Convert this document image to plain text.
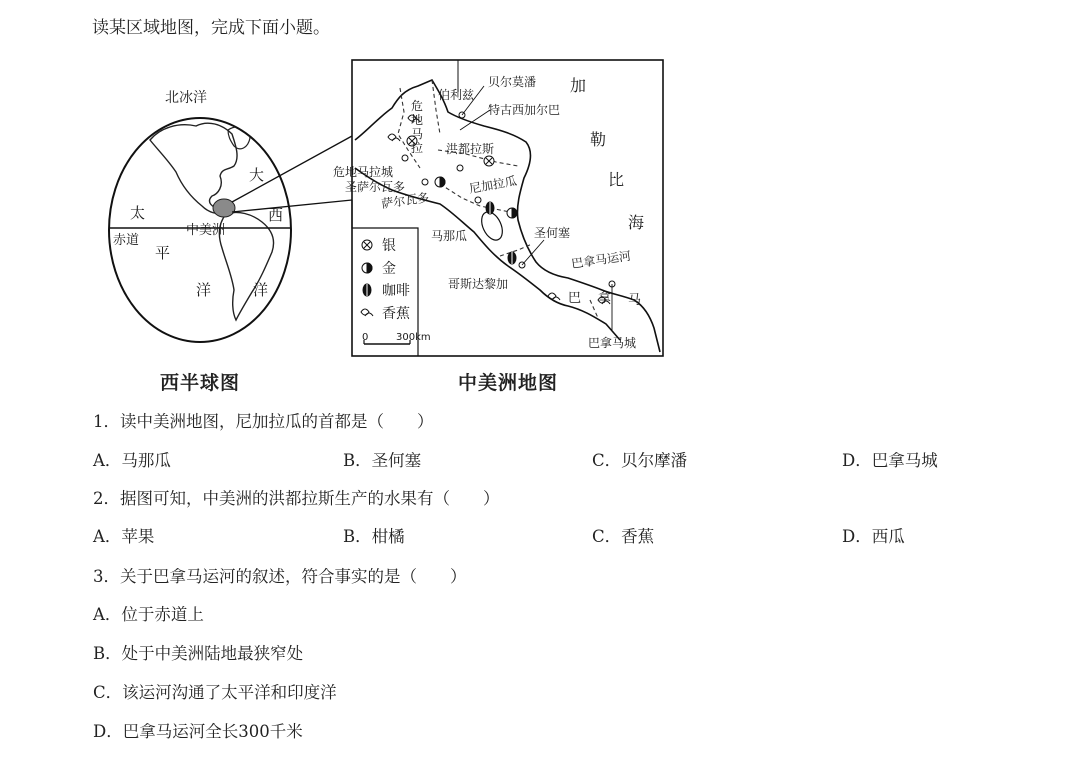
读某区域地图，完成下面小题。
北冰洋
太
平
洋
大
西
洋
赤道
中美洲
贝尔莫潘
伯利兹
特古西加尔巴
危
地
马
拉 洪都拉斯
危地马拉城
圣萨尔瓦多
萨尔瓦多
尼加拉瓜
马那瓜	圣何塞
哥斯达黎加
巴拿马运河
巴 拿 马
巴拿马城
加
勒
比
海
银
金
咖啡
香蕉
0	300km
西半球图	中美洲地图
1．读中美洲地图，尼加拉瓜的首都是（　　）
A．马那瓜	B．圣何塞	C．贝尔摩潘	D．巴拿马城
2．据图可知，中美洲的洪都拉斯生产的水果有（　　）
A．苹果	B．柑橘	C．香蕉	D．西瓜
3．关于巴拿马运河的叙述，符合事实的是（　　）
A．位于赤道上
B．处于中美洲陆地最狭窄处
C．该运河沟通了太平洋和印度洋
D．巴拿马运河全长300千米
